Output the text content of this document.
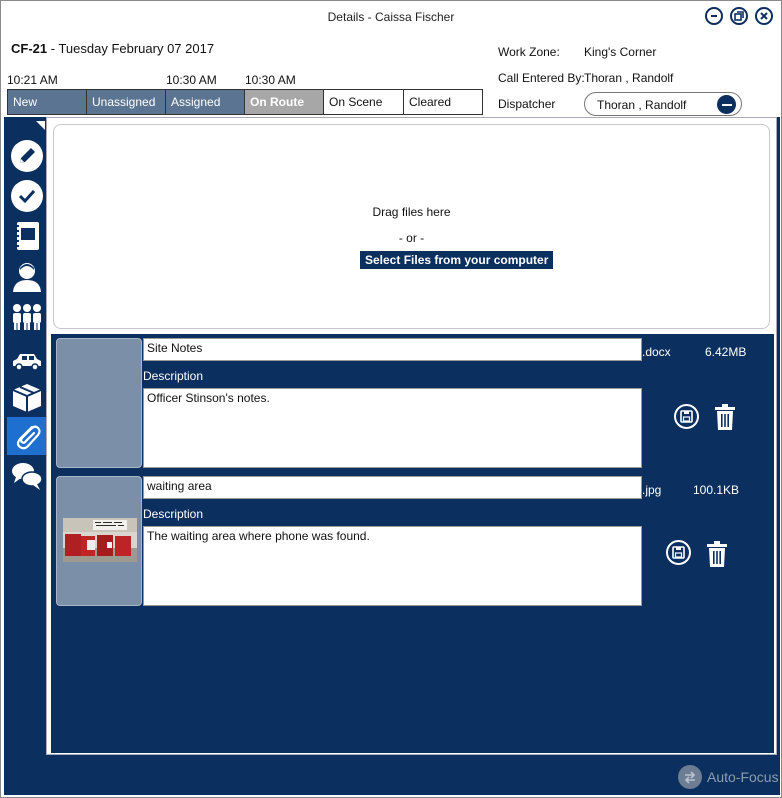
Details - Caissa Fischer
CF-21 - Tuesday February 07 2017
10:21 AM	10:30 AM 10:30 AM
New	Unassigned	Assigned	On Route	On Scene	Cleared
Work Zone: King's Corner
Call Entered By: Thoran , Randolf
Dispatcher	Thoran , Randolf
Drag files here
- or -
Select Files from your computer
Site Notes	.docx	6.42MB
Description
Officer Stinson's notes.
waiting area	.jpg	100.1KB
Description
The waiting area where phone was found.
Auto-Focus
